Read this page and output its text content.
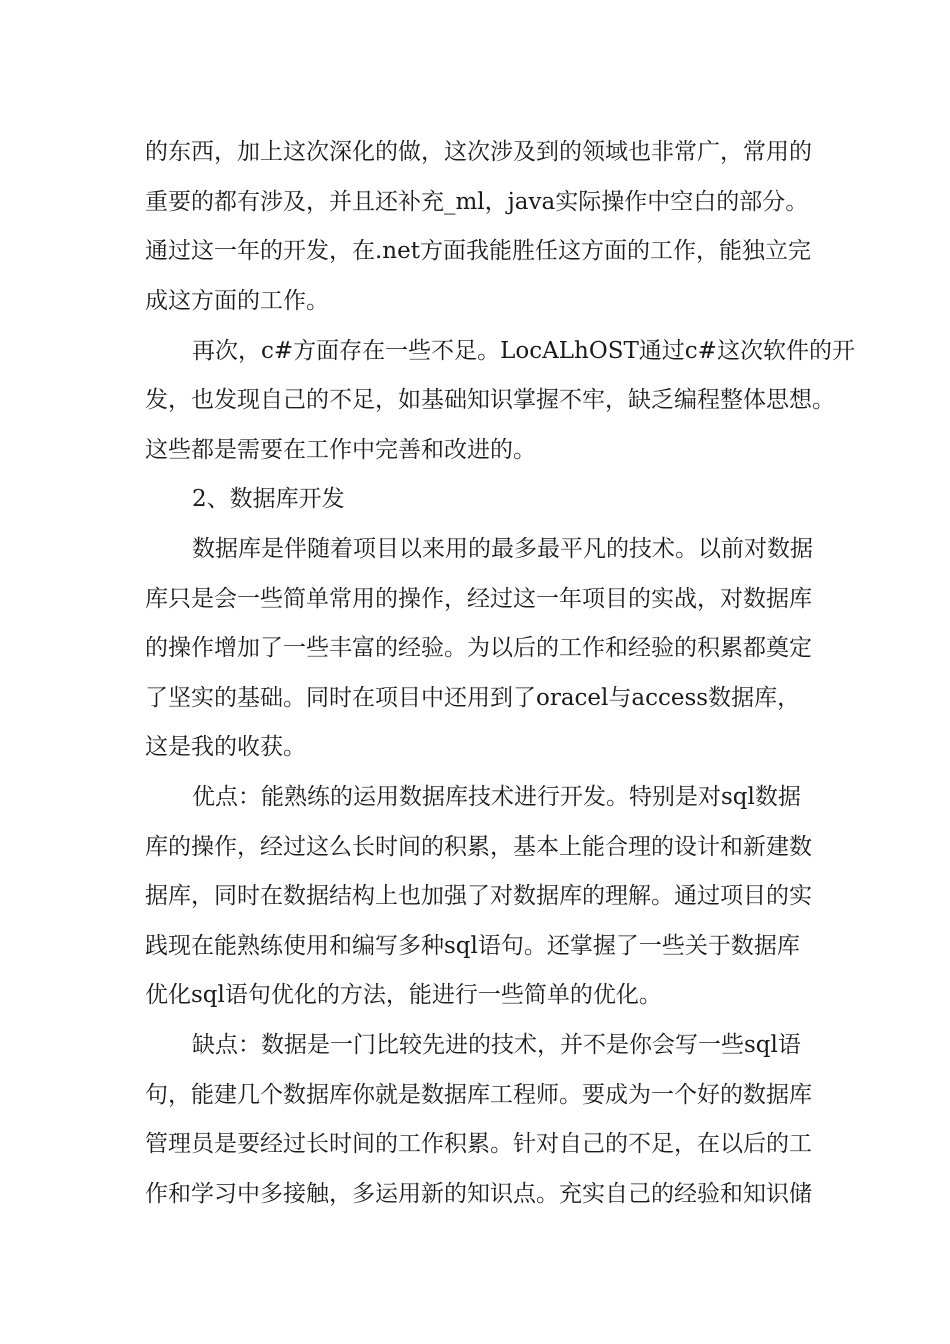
的东西，加上这次深化的做，这次涉及到的领域也非常广，常用的
重要的都有涉及，并且还补充_ml，java实际操作中空白的部分。
通过这一年的开发，在.net方面我能胜任这方面的工作，能独立完
成这方面的工作。
再次，c#方面存在一些不足。LocALhOST通过c#这次软件的开
发，也发现自己的不足，如基础知识掌握不牢，缺乏编程整体思想。
这些都是需要在工作中完善和改进的。
2、数据库开发
数据库是伴随着项目以来用的最多最平凡的技术。以前对数据
库只是会一些简单常用的操作，经过这一年项目的实战，对数据库
的操作增加了一些丰富的经验。为以后的工作和经验的积累都奠定
了坚实的基础。同时在项目中还用到了oracel与access数据库，
这是我的收获。
优点：能熟练的运用数据库技术进行开发。特别是对sql数据
库的操作，经过这么长时间的积累，基本上能合理的设计和新建数
据库，同时在数据结构上也加强了对数据库的理解。通过项目的实
践现在能熟练使用和编写多种sql语句。还掌握了一些关于数据库
优化sql语句优化的方法，能进行一些简单的优化。
缺点：数据是一门比较先进的技术，并不是你会写一些sql语
句，能建几个数据库你就是数据库工程师。要成为一个好的数据库
管理员是要经过长时间的工作积累。针对自己的不足，在以后的工
作和学习中多接触，多运用新的知识点。充实自己的经验和知识储
